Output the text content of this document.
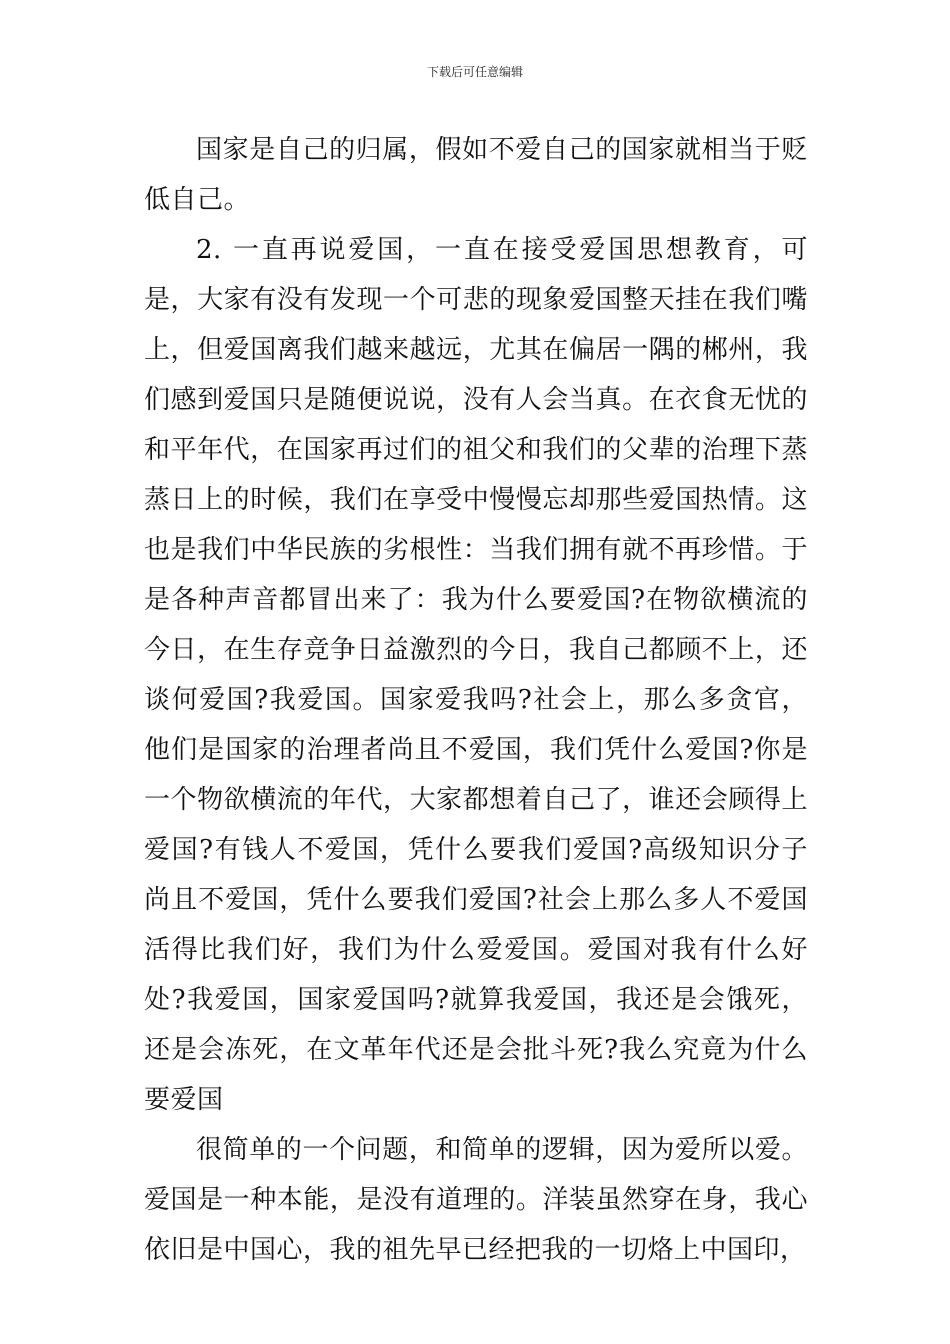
下载后可任意编辑

国家是自己的归属，假如不爱自己的国家就相当于贬低自己。

2. 一直再说爱国，一直在接受爱国思想教育，可是，大家有没有发现一个可悲的现象爱国整天挂在我们嘴上，但爱国离我们越来越远，尤其在偏居一隅的郴州，我们感到爱国只是随便说说，没有人会当真。在衣食无忧的和平年代，在国家再过们的祖父和我们的父辈的治理下蒸蒸日上的时候，我们在享受中慢慢忘却那些爱国热情。这也是我们中华民族的劣根性：当我们拥有就不再珍惜。于是各种声音都冒出来了：我为什么要爱国?在物欲横流的今日，在生存竞争日益激烈的今日，我自己都顾不上，还谈何爱国?我爱国。国家爱我吗?社会上，那么多贪官，他们是国家的治理者尚且不爱国，我们凭什么爱国?你是一个物欲横流的年代，大家都想着自己了，谁还会顾得上爱国?有钱人不爱国，凭什么要我们爱国?高级知识分子尚且不爱国，凭什么要我们爱国?社会上那么多人不爱国活得比我们好，我们为什么爱爱国。爱国对我有什么好处?我爱国，国家爱国吗?就算我爱国，我还是会饿死，还是会冻死，在文革年代还是会批斗死?我么究竟为什么要爱国

很简单的一个问题，和简单的逻辑，因为爱所以爱。爱国是一种本能，是没有道理的。洋装虽然穿在身，我心依旧是中国心，我的祖先早已经把我的一切烙上中国印，
